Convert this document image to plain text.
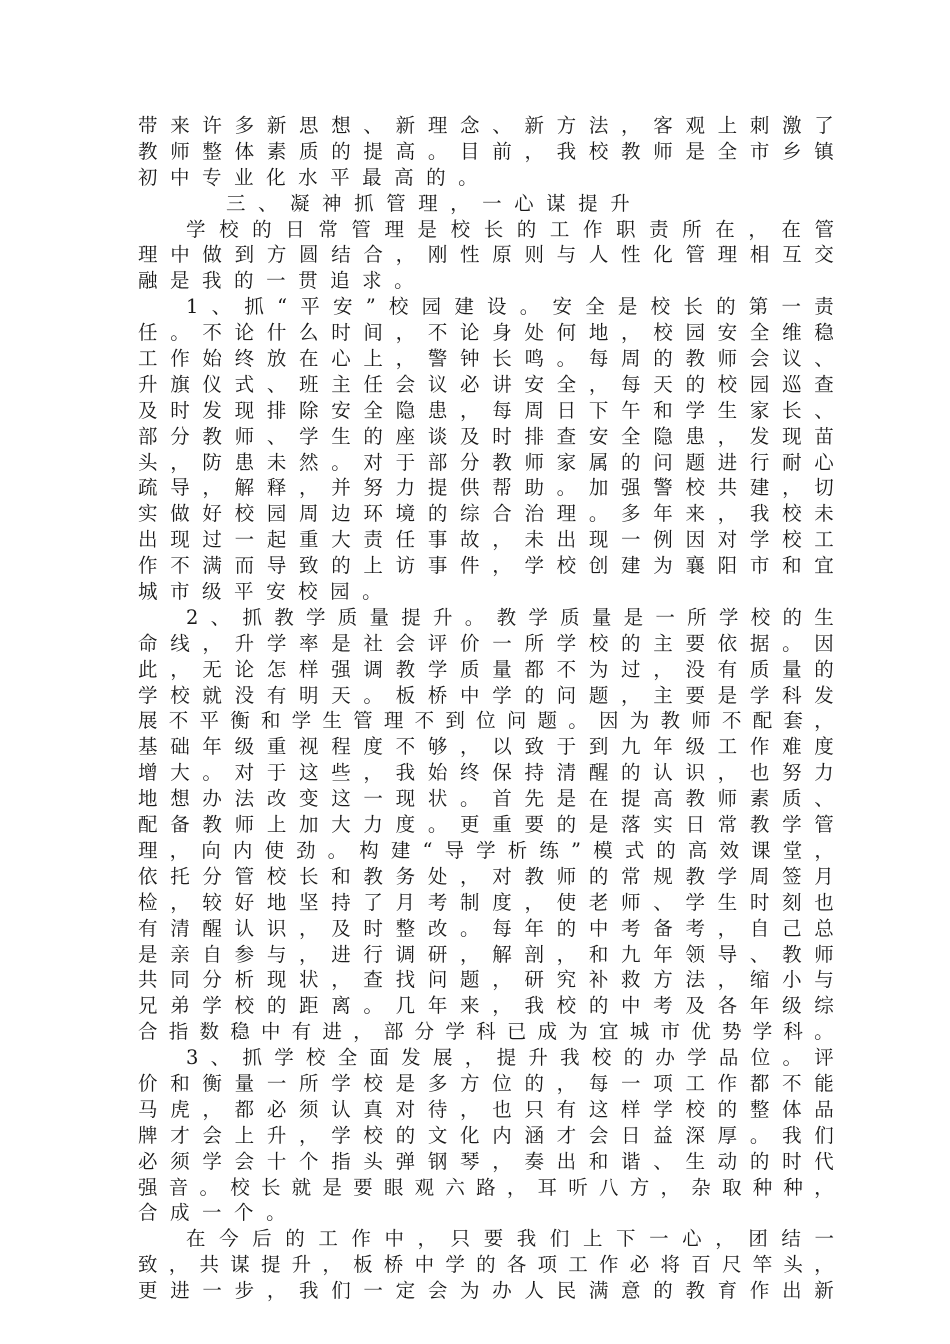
带 来 许 多 新 思 想 、 新 理 念 、 新 方 法 ， 客 观 上 刺 激 了
教 师 整 体 素 质 的 提 高 。 目 前 ， 我 校 教 师 是 全 市 乡 镇
初 中 专 业 化 水 平 最 高 的 。
三 、 凝 神 抓 管 理 ， 一 心 谋 提 升
学 校 的 日 常 管 理 是 校 长 的 工 作 职 责 所 在 ， 在 管
理 中 做 到 方 圆 结 合 ， 刚 性 原 则 与 人 性 化 管 理 相 互 交
融 是 我 的 一 贯 追 求 。
1 、 抓 “ 平 安 ” 校 园 建 设 。 安 全 是 校 长 的 第 一 责
任 。 不 论 什 么 时 间 ， 不 论 身 处 何 地 ， 校 园 安 全 维 稳
工 作 始 终 放 在 心 上 ， 警 钟 长 鸣 。 每 周 的 教 师 会 议 、
升 旗 仪 式 、 班 主 任 会 议 必 讲 安 全 ， 每 天 的 校 园 巡 查
及 时 发 现 排 除 安 全 隐 患 ， 每 周 日 下 午 和 学 生 家 长 、
部 分 教 师 、 学 生 的 座 谈 及 时 排 查 安 全 隐 患 ， 发 现 苗
头 ， 防 患 未 然 。 对 于 部 分 教 师 家 属 的 问 题 进 行 耐 心
疏 导 ， 解 释 ， 并 努 力 提 供 帮 助 。 加 强 警 校 共 建 ， 切
实 做 好 校 园 周 边 环 境 的 综 合 治 理 。 多 年 来 ， 我 校 未
出 现 过 一 起 重 大 责 任 事 故 ， 未 出 现 一 例 因 对 学 校 工
作 不 满 而 导 致 的 上 访 事 件 ， 学 校 创 建 为 襄 阳 市 和 宜
城 市 级 平 安 校 园 。
2 、 抓 教 学 质 量 提 升 。 教 学 质 量 是 一 所 学 校 的 生
命 线 ， 升 学 率 是 社 会 评 价 一 所 学 校 的 主 要 依 据 。 因
此 ， 无 论 怎 样 强 调 教 学 质 量 都 不 为 过 ， 没 有 质 量 的
学 校 就 没 有 明 天 。 板 桥 中 学 的 问 题 ， 主 要 是 学 科 发
展 不 平 衡 和 学 生 管 理 不 到 位 问 题 。 因 为 教 师 不 配 套 ，
基 础 年 级 重 视 程 度 不 够 ， 以 致 于 到 九 年 级 工 作 难 度
增 大 。 对 于 这 些 ， 我 始 终 保 持 清 醒 的 认 识 ， 也 努 力
地 想 办 法 改 变 这 一 现 状 。 首 先 是 在 提 高 教 师 素 质 、
配 备 教 师 上 加 大 力 度 。 更 重 要 的 是 落 实 日 常 教 学 管
理 ， 向 内 使 劲 。 构 建 “ 导 学 析 练 ” 模 式 的 高 效 课 堂 ，
依 托 分 管 校 长 和 教 务 处 ， 对 教 师 的 常 规 教 学 周 签 月
检 ， 较 好 地 坚 持 了 月 考 制 度 ， 使 老 师 、 学 生 时 刻 也
有 清 醒 认 识 ， 及 时 整 改 。 每 年 的 中 考 备 考 ， 自 己 总
是 亲 自 参 与 ， 进 行 调 研 ， 解 剖 ， 和 九 年 领 导 、 教 师
共 同 分 析 现 状 ， 查 找 问 题 ， 研 究 补 救 方 法 ， 缩 小 与
兄 弟 学 校 的 距 离 。 几 年 来 ， 我 校 的 中 考 及 各 年 级 综
合 指 数 稳 中 有 进 ， 部 分 学 科 已 成 为 宜 城 市 优 势 学 科 。
3 、 抓 学 校 全 面 发 展 ， 提 升 我 校 的 办 学 品 位 。 评
价 和 衡 量 一 所 学 校 是 多 方 位 的 ， 每 一 项 工 作 都 不 能
马 虎 ， 都 必 须 认 真 对 待 ， 也 只 有 这 样 学 校 的 整 体 品
牌 才 会 上 升 ， 学 校 的 文 化 内 涵 才 会 日 益 深 厚 。 我 们
必 须 学 会 十 个 指 头 弹 钢 琴 ， 奏 出 和 谐 、 生 动 的 时 代
强 音 。 校 长 就 是 要 眼 观 六 路 ， 耳 听 八 方 ， 杂 取 种 种 ，
合 成 一 个 。
在 今 后 的 工 作 中 ， 只 要 我 们 上 下 一 心 ， 团 结 一
致 ， 共 谋 提 升 ， 板 桥 中 学 的 各 项 工 作 必 将 百 尺 竿 头 ，
更 进 一 步 ， 我 们 一 定 会 为 办 人 民 满 意 的 教 育 作 出 新
